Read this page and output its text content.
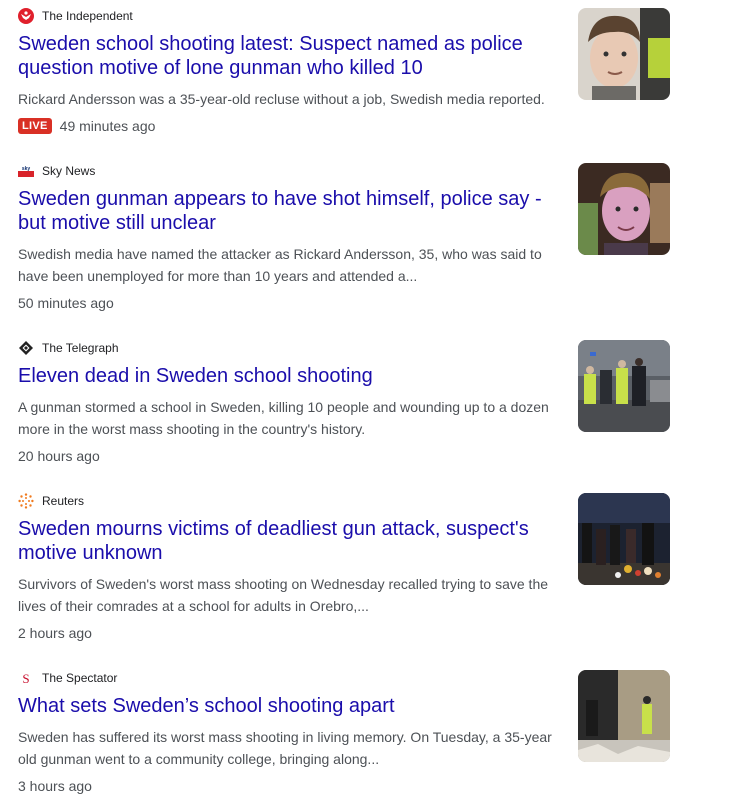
The Independent
Sweden school shooting latest: Suspect named as police question motive of lone gunman who killed 10
Rickard Andersson was a 35-year-old recluse without a job, Swedish media reported.
LIVE 49 minutes ago
sky Sky News
Sweden gunman appears to have shot himself, police say - but motive still unclear
Swedish media have named the attacker as Rickard Andersson, 35, who was said to have been unemployed for more than 10 years and attended a...
50 minutes ago
The Telegraph
Eleven dead in Sweden school shooting
A gunman stormed a school in Sweden, killing 10 people and wounding up to a dozen more in the worst mass shooting in the country's history.
20 hours ago
Reuters
Sweden mourns victims of deadliest gun attack, suspect's motive unknown
Survivors of Sweden's worst mass shooting on Wednesday recalled trying to save the lives of their comrades at a school for adults in Orebro,...
2 hours ago
S The Spectator
What sets Sweden’s school shooting apart
Sweden has suffered its worst mass shooting in living memory. On Tuesday, a 35-year old gunman went to a community college, bringing along...
3 hours ago
